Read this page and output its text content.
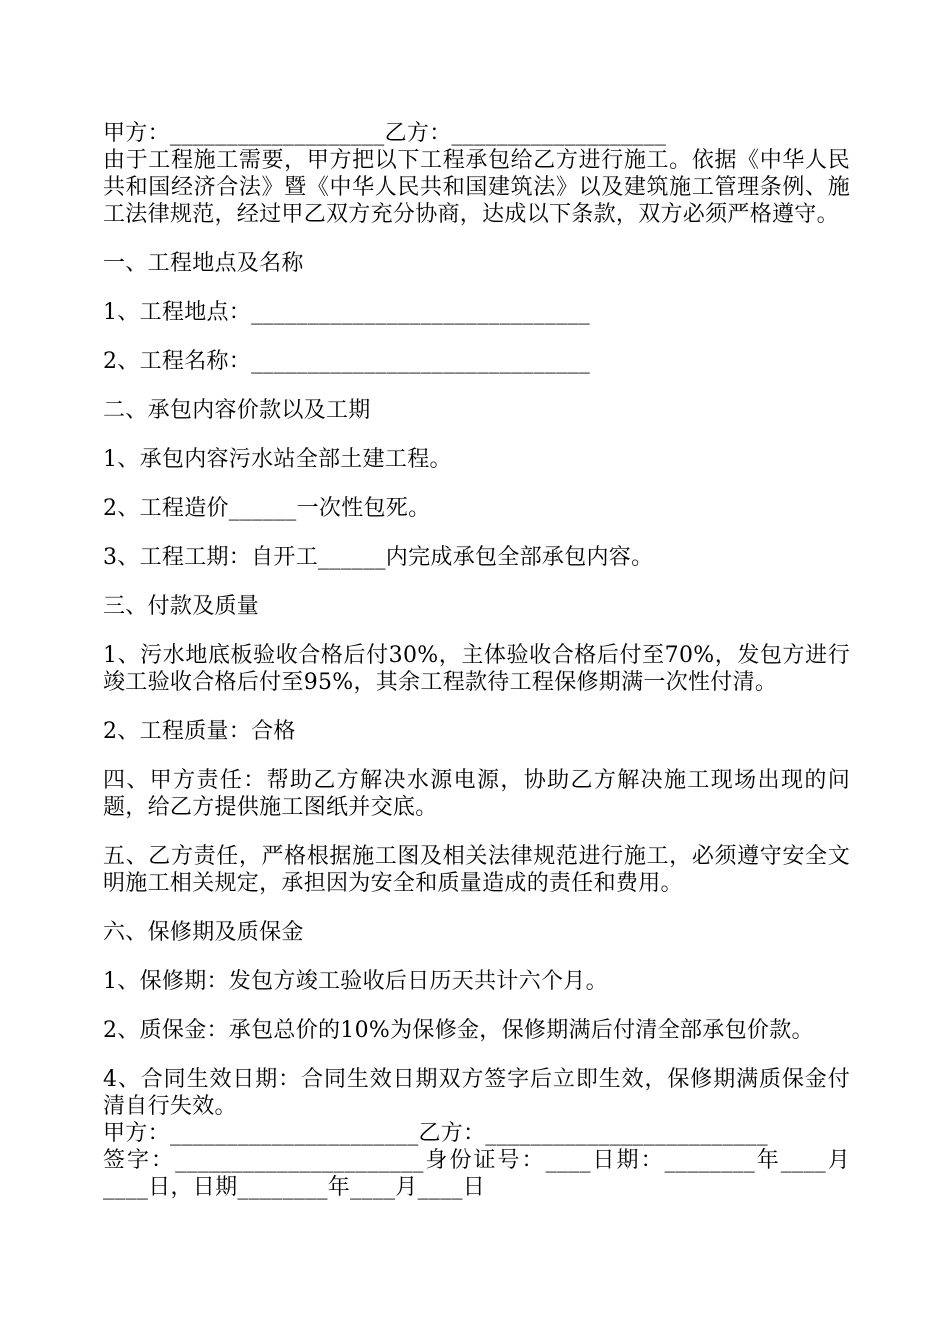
甲方：___________________乙方：___________________

由于工程施工需要，甲方把以下工程承包给乙方进行施工。依据《中华人民共和国经济合法》暨《中华人民共和国建筑法》以及建筑施工管理条例、施工法律规范，经过甲乙双方充分协商，达成以下条款，双方必须严格遵守。

一、工程地点及名称

1、工程地点：______________________________

2、工程名称：______________________________

二、承包内容价款以及工期

1、承包内容污水站全部土建工程。

2、工程造价______一次性包死。

3、工程工期：自开工______内完成承包全部承包内容。

三、付款及质量

1、污水地底板验收合格后付30%，主体验收合格后付至70%，发包方进行竣工验收合格后付至95%，其余工程款待工程保修期满一次性付清。

2、工程质量：合格

四、甲方责任：帮助乙方解决水源电源，协助乙方解决施工现场出现的问题，给乙方提供施工图纸并交底。

五、乙方责任，严格根据施工图及相关法律规范进行施工，必须遵守安全文明施工相关规定，承担因为安全和质量造成的责任和费用。

六、保修期及质保金

1、保修期：发包方竣工验收后日历天共计六个月。

2、质保金：承包总价的10%为保修金，保修期满后付清全部承包价款。

4、合同生效日期：合同生效日期双方签字后立即生效，保修期满质保金付清自行失效。

甲方：______________________乙方：_________________________

签字：______________________身份证号：____日期：________年____月____日，日期________年____月____日
